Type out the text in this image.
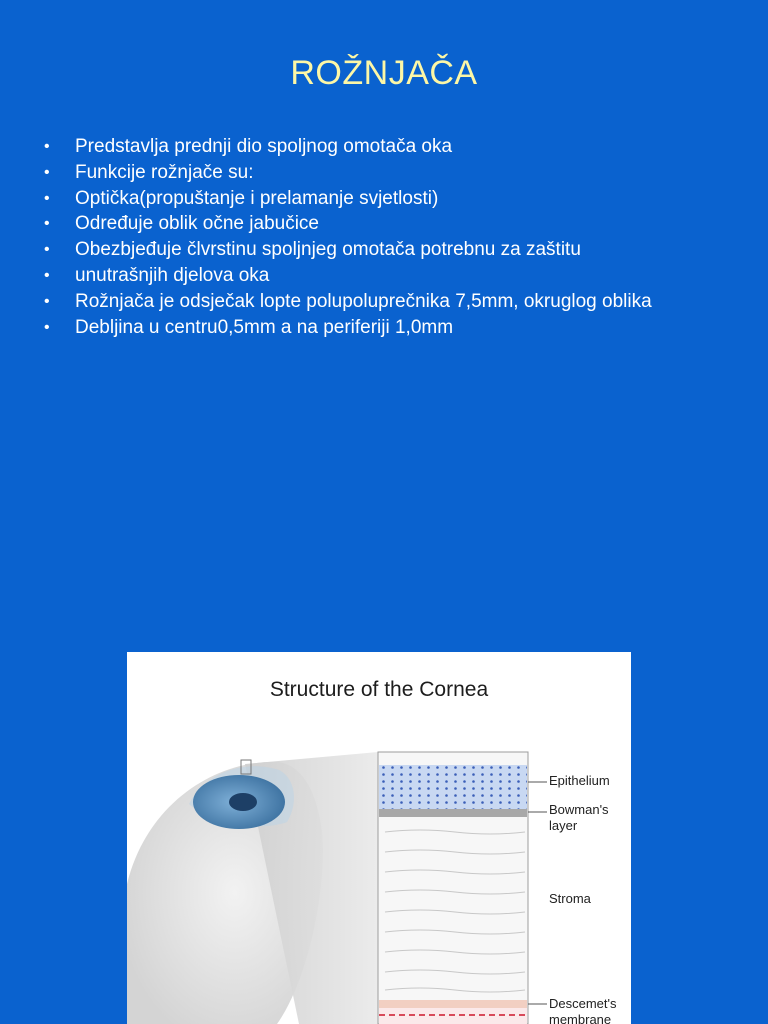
ROŽNJAČA
• Predstavlja prednji dio spoljnog omotača oka
• Funkcije rožnjače su:
• Optička(propuštanje i prelamanje svjetlosti)
• Određuje oblik očne jabučice
• Obezbjeđuje člvrstinu spoljnjeg omotača potrebnu za zaštitu
• unutrašnjih djelova oka
• Rožnjača je odsječak lopte polupoluprečnika 7,5mm, okruglog oblika
• Debljina u centru0,5mm a na periferiji 1,0mm
Structure of the Cornea
Epithelium
Bowman's
layer
Stroma
Descemet's
membrane
